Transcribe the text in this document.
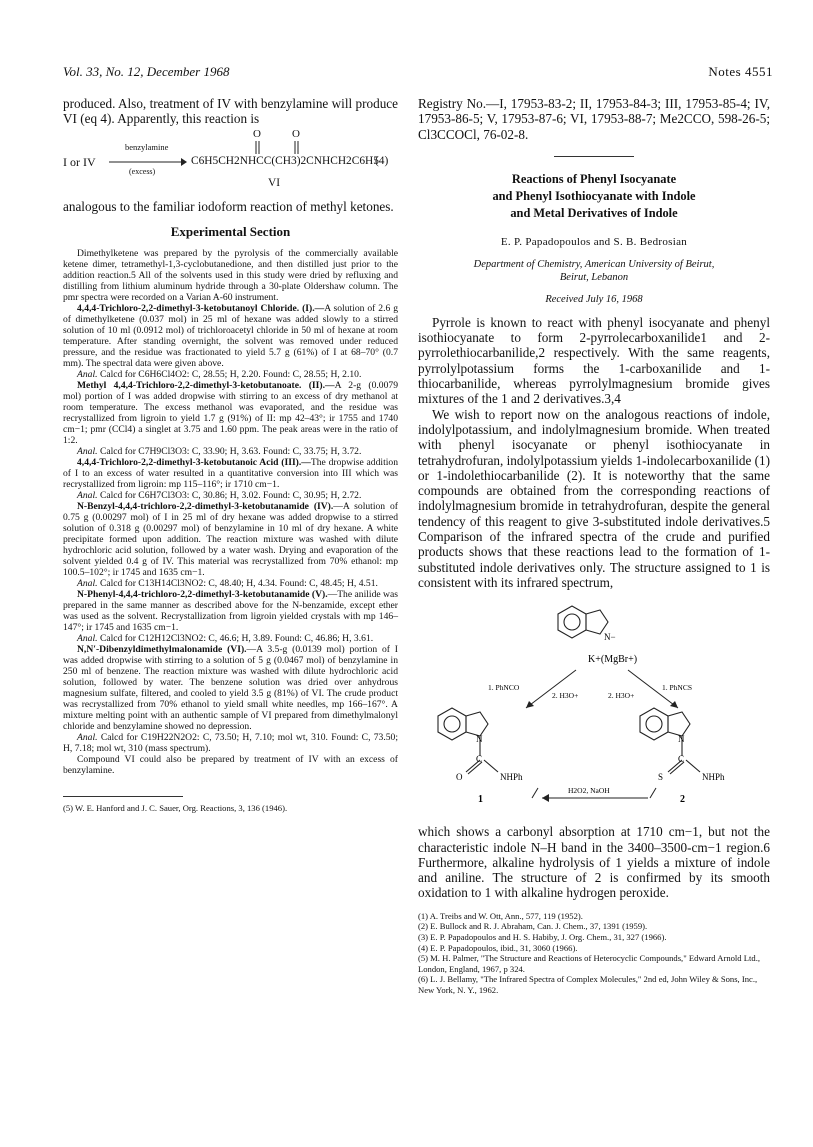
Vol. 33, No. 12, December 1968	Notes 4551

produced. Also, treatment of IV with benzylamine will produce VI (eq 4). Apparently, this reaction is

I or IV
benzylamine
(excess)
O	O
C6H5CH2NHCC(CH3)2CNHCH2C6H5
(4)
VI

analogous to the familiar iodoform reaction of methyl ketones.

Experimental Section

Dimethylketene was prepared by the pyrolysis of the commercially available ketene dimer, tetramethyl-1,3-cyclobutanedione, and then distilled just prior to the addition reaction.5 All of the solvents used in this study were dried by refluxing and distilling from lithium aluminum hydride through a 30-plate Oldershaw column. The pmr spectra were recorded on a Varian A-60 instrument.

4,4,4-Trichloro-2,2-dimethyl-3-ketobutanoyl Chloride. (I).—A solution of 2.6 g of dimethylketene (0.037 mol) in 25 ml of hexane was added slowly to a stirred solution of 10 ml (0.0912 mol) of trichloroacetyl chloride in 50 ml of hexane at room temperature. After standing overnight, the solvent was removed under reduced pressure, and the residue was fractionated to yield 5.7 g (61%) of I at 68–70° (0.7 mm). The spectral data were given above.

Anal. Calcd for C6H6Cl4O2: C, 28.55; H, 2.20. Found: C, 28.55; H, 2.10.

Methyl 4,4,4-Trichloro-2,2-dimethyl-3-ketobutanoate. (II).—A 2-g (0.0079 mol) portion of I was added dropwise with stirring to an excess of dry methanol at room temperature. The excess methanol was evaporated, and the residue was recrystallized from ligroin to yield 1.7 g (91%) of II: mp 42–43°; ir 1755 and 1740 cm−1; pmr (CCl4) a singlet at 3.75 and 1.60 ppm. The peak areas were in the ratio of 1:2.

Anal. Calcd for C7H9Cl3O3: C, 33.90; H, 3.63. Found: C, 33.75; H, 3.72.

4,4,4-Trichloro-2,2-dimethyl-3-ketobutanoic Acid (III).—The dropwise addition of I to an excess of water resulted in a quantitative conversion into III which was recrystallized from ligroin: mp 115–116°; ir 1710 cm−1.

Anal. Calcd for C6H7Cl3O3: C, 30.86; H, 3.02. Found: C, 30.95; H, 2.72.

N-Benzyl-4,4,4-trichloro-2,2-dimethyl-3-ketobutanamide (IV).—A solution of 0.75 g (0.00297 mol) of I in 25 ml of dry hexane was added dropwise to a stirred solution of 0.318 g (0.00297 mol) of benzylamine in 10 ml of dry hexane. A white precipitate formed upon addition. The reaction mixture was washed with dilute hydrochloric acid solution, followed by a water wash. Drying and evaporation of the solvent yielded 0.4 g of IV. This material was recrystallized from 70% ethanol: mp 100.5–102°; ir 1745 and 1635 cm−1.

Anal. Calcd for C13H14Cl3NO2: C, 48.40; H, 4.34. Found: C, 48.45; H, 4.51.

N-Phenyl-4,4,4-trichloro-2,2-dimethyl-3-ketobutanamide (V).—The anilide was prepared in the same manner as described above for the N-benzamide, except ether was used as the solvent. Recrystallization from ligroin yielded crystals with mp 146–147°; ir 1745 and 1635 cm−1.

Anal. Calcd for C12H12Cl3NO2: C, 46.6; H, 3.89. Found: C, 46.86; H, 3.61.

N,N′-Dibenzyldimethylmalonamide (VI).—A 3.5-g (0.0139 mol) portion of I was added dropwise with stirring to a solution of 5 g (0.0467 mol) of benzylamine in 250 ml of benzene. The reaction mixture was washed with dilute hydrochloric acid solution, followed by water. The benzene solution was dried over anhydrous magnesium sulfate, filtered, and cooled to yield 3.5 g (81%) of VI. The crude product was recrystallized from 70% ethanol to yield small white needles, mp 166–167°. A mixture melting point with an authentic sample of VI prepared from dimethylmalonyl chloride and benzylamine showed no depression.

Anal. Calcd for C19H22N2O2: C, 73.50; H, 7.10; mol wt, 310. Found: C, 73.50; H, 7.18; mol wt, 310 (mass spectrum).

Compound VI could also be prepared by treatment of IV with an excess of benzylamine.

(5) W. E. Hanford and J. C. Sauer, Org. Reactions, 3, 136 (1946).

Registry No.—I, 17953-83-2; II, 17953-84-3; III, 17953-85-4; IV, 17953-86-5; V, 17953-87-6; VI, 17953-88-7; Me2CCO, 598-26-5; Cl3CCOCl, 76-02-8.

Reactions of Phenyl Isocyanate
and Phenyl Isothiocyanate with Indole
and Metal Derivatives of Indole
E. P. Papadopoulos and S. B. Bedrosian
Department of Chemistry, American University of Beirut,
Beirut, Lebanon
Received July 16, 1968

Pyrrole is known to react with phenyl isocyanate and phenyl isothiocyanate to form 2-pyrrolecarboxanilide1 and 2-pyrrolethiocarbanilide,2 respectively. With the same reagents, pyrrolylpotassium forms the 1-carboxanilide and 1-thiocarbanilide, whereas pyrrolylmagnesium bromide gives mixtures of the 1 and 2 derivatives.3,4

We wish to report now on the analogous reactions of indole, indolylpotassium, and indolylmagnesium bromide. When treated with phenyl isocyanate or phenyl isothiocyanate in tetrahydrofuran, indolylpotassium yields 1-indolecarboxanilide (1) or 1-indolethiocarbanilide (2). It is noteworthy that the same compounds are obtained from the corresponding reactions of indolylmagnesium bromide in tetrahydrofuran, despite the general tendency of this reagent to give 3-substituted indole derivatives.5 Comparison of the infrared spectra of the crude and purified products shows that these reactions lead to the formation of 1-substituted indole derivatives only. The structure assigned to 1 is consistent with its infrared spectrum,

N−
K+(MgBr+)
1. PhNCO
2. H3O+	2. H3O+
1. PhNCS
N
C
O	NHPh
1
N
C
S	NHPh
2
H2O2, NaOH

which shows a carbonyl absorption at 1710 cm−1, but not the characteristic indole N–H band in the 3400–3500-cm−1 region.6 Furthermore, alkaline hydrolysis of 1 yields a mixture of indole and aniline. The structure of 2 is confirmed by its smooth oxidation to 1 with alkaline hydrogen peroxide.

(1) A. Treibs and W. Ott, Ann., 577, 119 (1952).

(2) E. Bullock and R. J. Abraham, Can. J. Chem., 37, 1391 (1959).

(3) E. P. Papadopoulos and H. S. Habiby, J. Org. Chem., 31, 327 (1966).

(4) E. P. Papadopoulos, ibid., 31, 3060 (1966).

(5) M. H. Palmer, "The Structure and Reactions of Heterocyclic Compounds," Edward Arnold Ltd., London, England, 1967, p 324.

(6) L. J. Bellamy, "The Infrared Spectra of Complex Molecules," 2nd ed, John Wiley & Sons, Inc., New York, N. Y., 1962.
